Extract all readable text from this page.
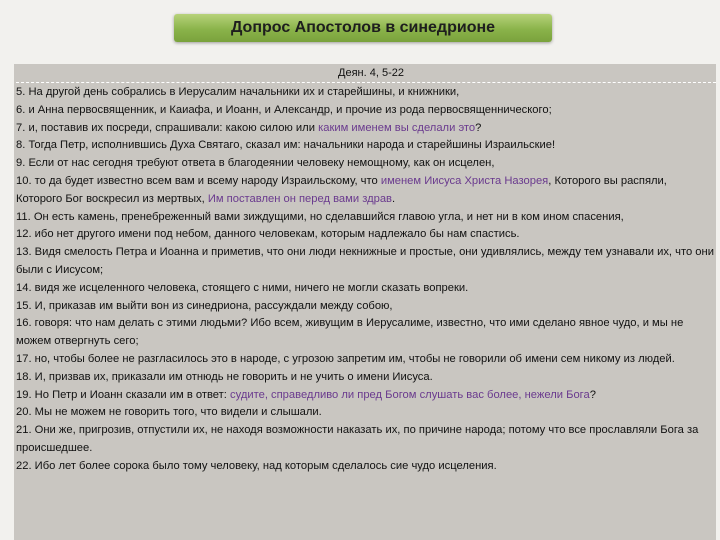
Допрос Апостолов в синедрионе
Деян. 4, 5-22

5. На другой день собрались в Иерусалим начальники их и старейшины, и книжники,

6. и Анна первосвященник, и Каиафа, и Иоанн, и Александр, и прочие из рода первосвященнического;

7. и, поставив их посреди, спрашивали: какою силою или каким именем вы сделали это?

8. Тогда Петр, исполнившись Духа Святаго, сказал им: начальники народа и старейшины Израильские!

9. Если от нас сегодня требуют ответа в благодеянии человеку немощному, как он исцелен,

10. то да будет известно всем вам и всему народу Израильскому, что именем Иисуса Христа Назорея, Которого вы распяли, Которого Бог воскресил из мертвых, Им поставлен он перед вами здрав.

11. Он есть камень, пренебреженный вами зиждущими, но сделавшийся главою угла, и нет ни в ком ином спасения,

12. ибо нет другого имени под небом, данного человекам, которым надлежало бы нам спастись.

13. Видя смелость Петра и Иоанна и приметив, что они люди некнижные и простые, они удивлялись, между тем узнавали их, что они были с Иисусом;

14. видя же исцеленного человека, стоящего с ними, ничего не могли сказать вопреки.

15. И, приказав им выйти вон из синедриона, рассуждали между собою,

16. говоря: что нам делать с этими людьми? Ибо всем, живущим в Иерусалиме, известно, что ими сделано явное чудо, и мы не можем отвергнуть сего;

17. но, чтобы более не разгласилось это в народе, с угрозою запретим им, чтобы не говорили об имени сем никому из людей.

18. И, призвав их, приказали им отнюдь не говорить и не учить о имени Иисуса.

19. Но Петр и Иоанн сказали им в ответ: судите, справедливо ли пред Богом слушать вас более, нежели Бога?

20. Мы не можем не говорить того, что видели и слышали.

21. Они же, пригрозив, отпустили их, не находя возможности наказать их, по причине народа; потому что все прославляли Бога за происшедшее.

22. Ибо лет более сорока было тому человеку, над которым сделалось сие чудо исцеления.
